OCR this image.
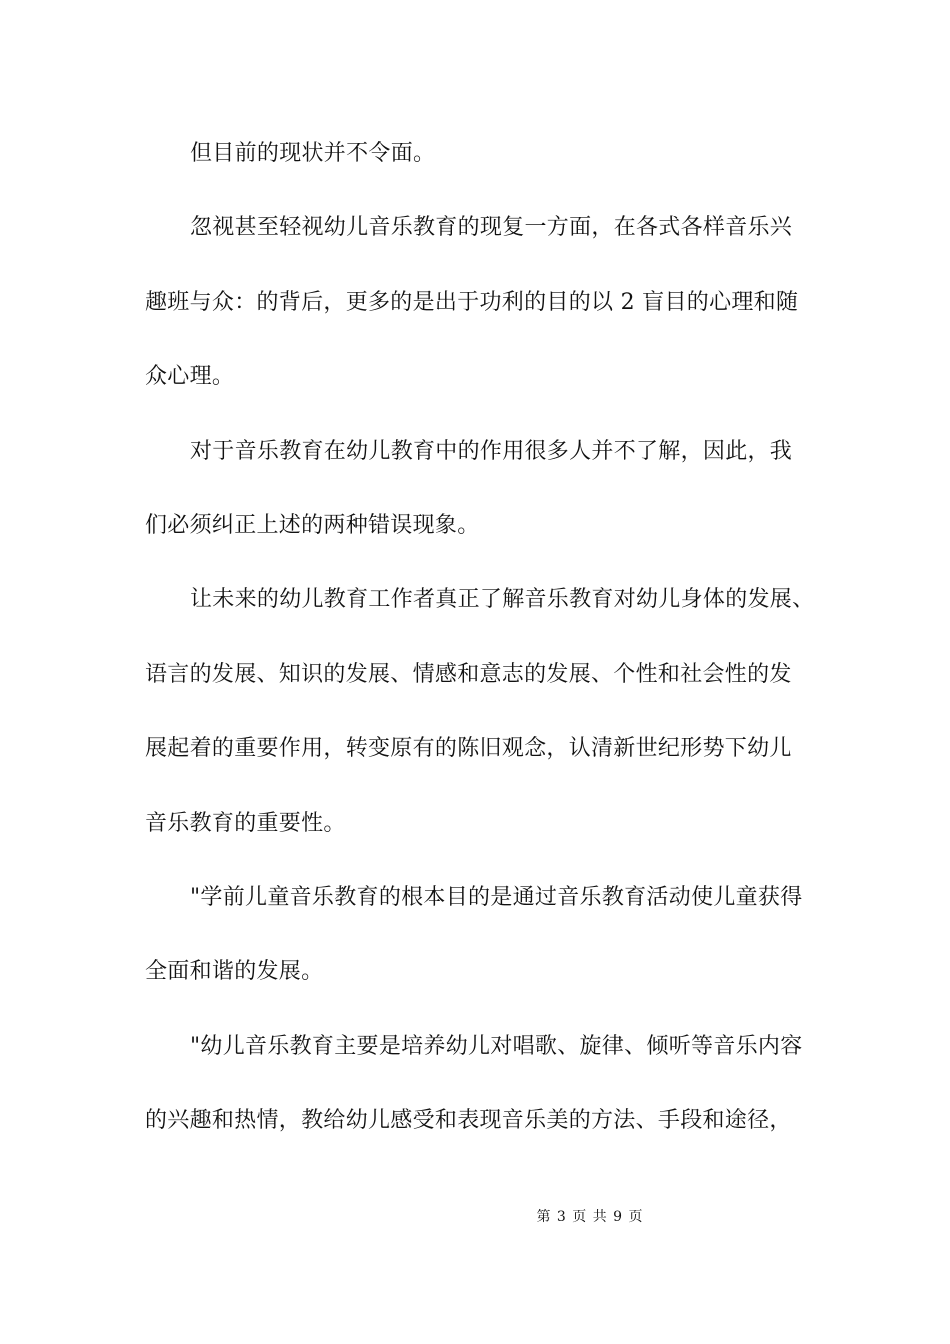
但目前的现状并不令面。
忽视甚至轻视幼儿音乐教育的现复一方面，在各式各样音乐兴
趣班与众：的背后，更多的是出于功利的目的以 2 盲目的心理和随
众心理。
对于音乐教育在幼儿教育中的作用很多人并不了解，因此，我
们必须纠正上述的两种错误现象。
让未来的幼儿教育工作者真正了解音乐教育对幼儿身体的发展、
语言的发展、知识的发展、情感和意志的发展、个性和社会性的发
展起着的重要作用，转变原有的陈旧观念，认清新世纪形势下幼儿
音乐教育的重要性。
"学前儿童音乐教育的根本目的是通过音乐教育活动使儿童获得
全面和谐的发展。
"幼儿音乐教育主要是培养幼儿对唱歌、旋律、倾听等音乐内容
的兴趣和热情，教给幼儿感受和表现音乐美的方法、手段和途径，
第 3 页 共 9 页
